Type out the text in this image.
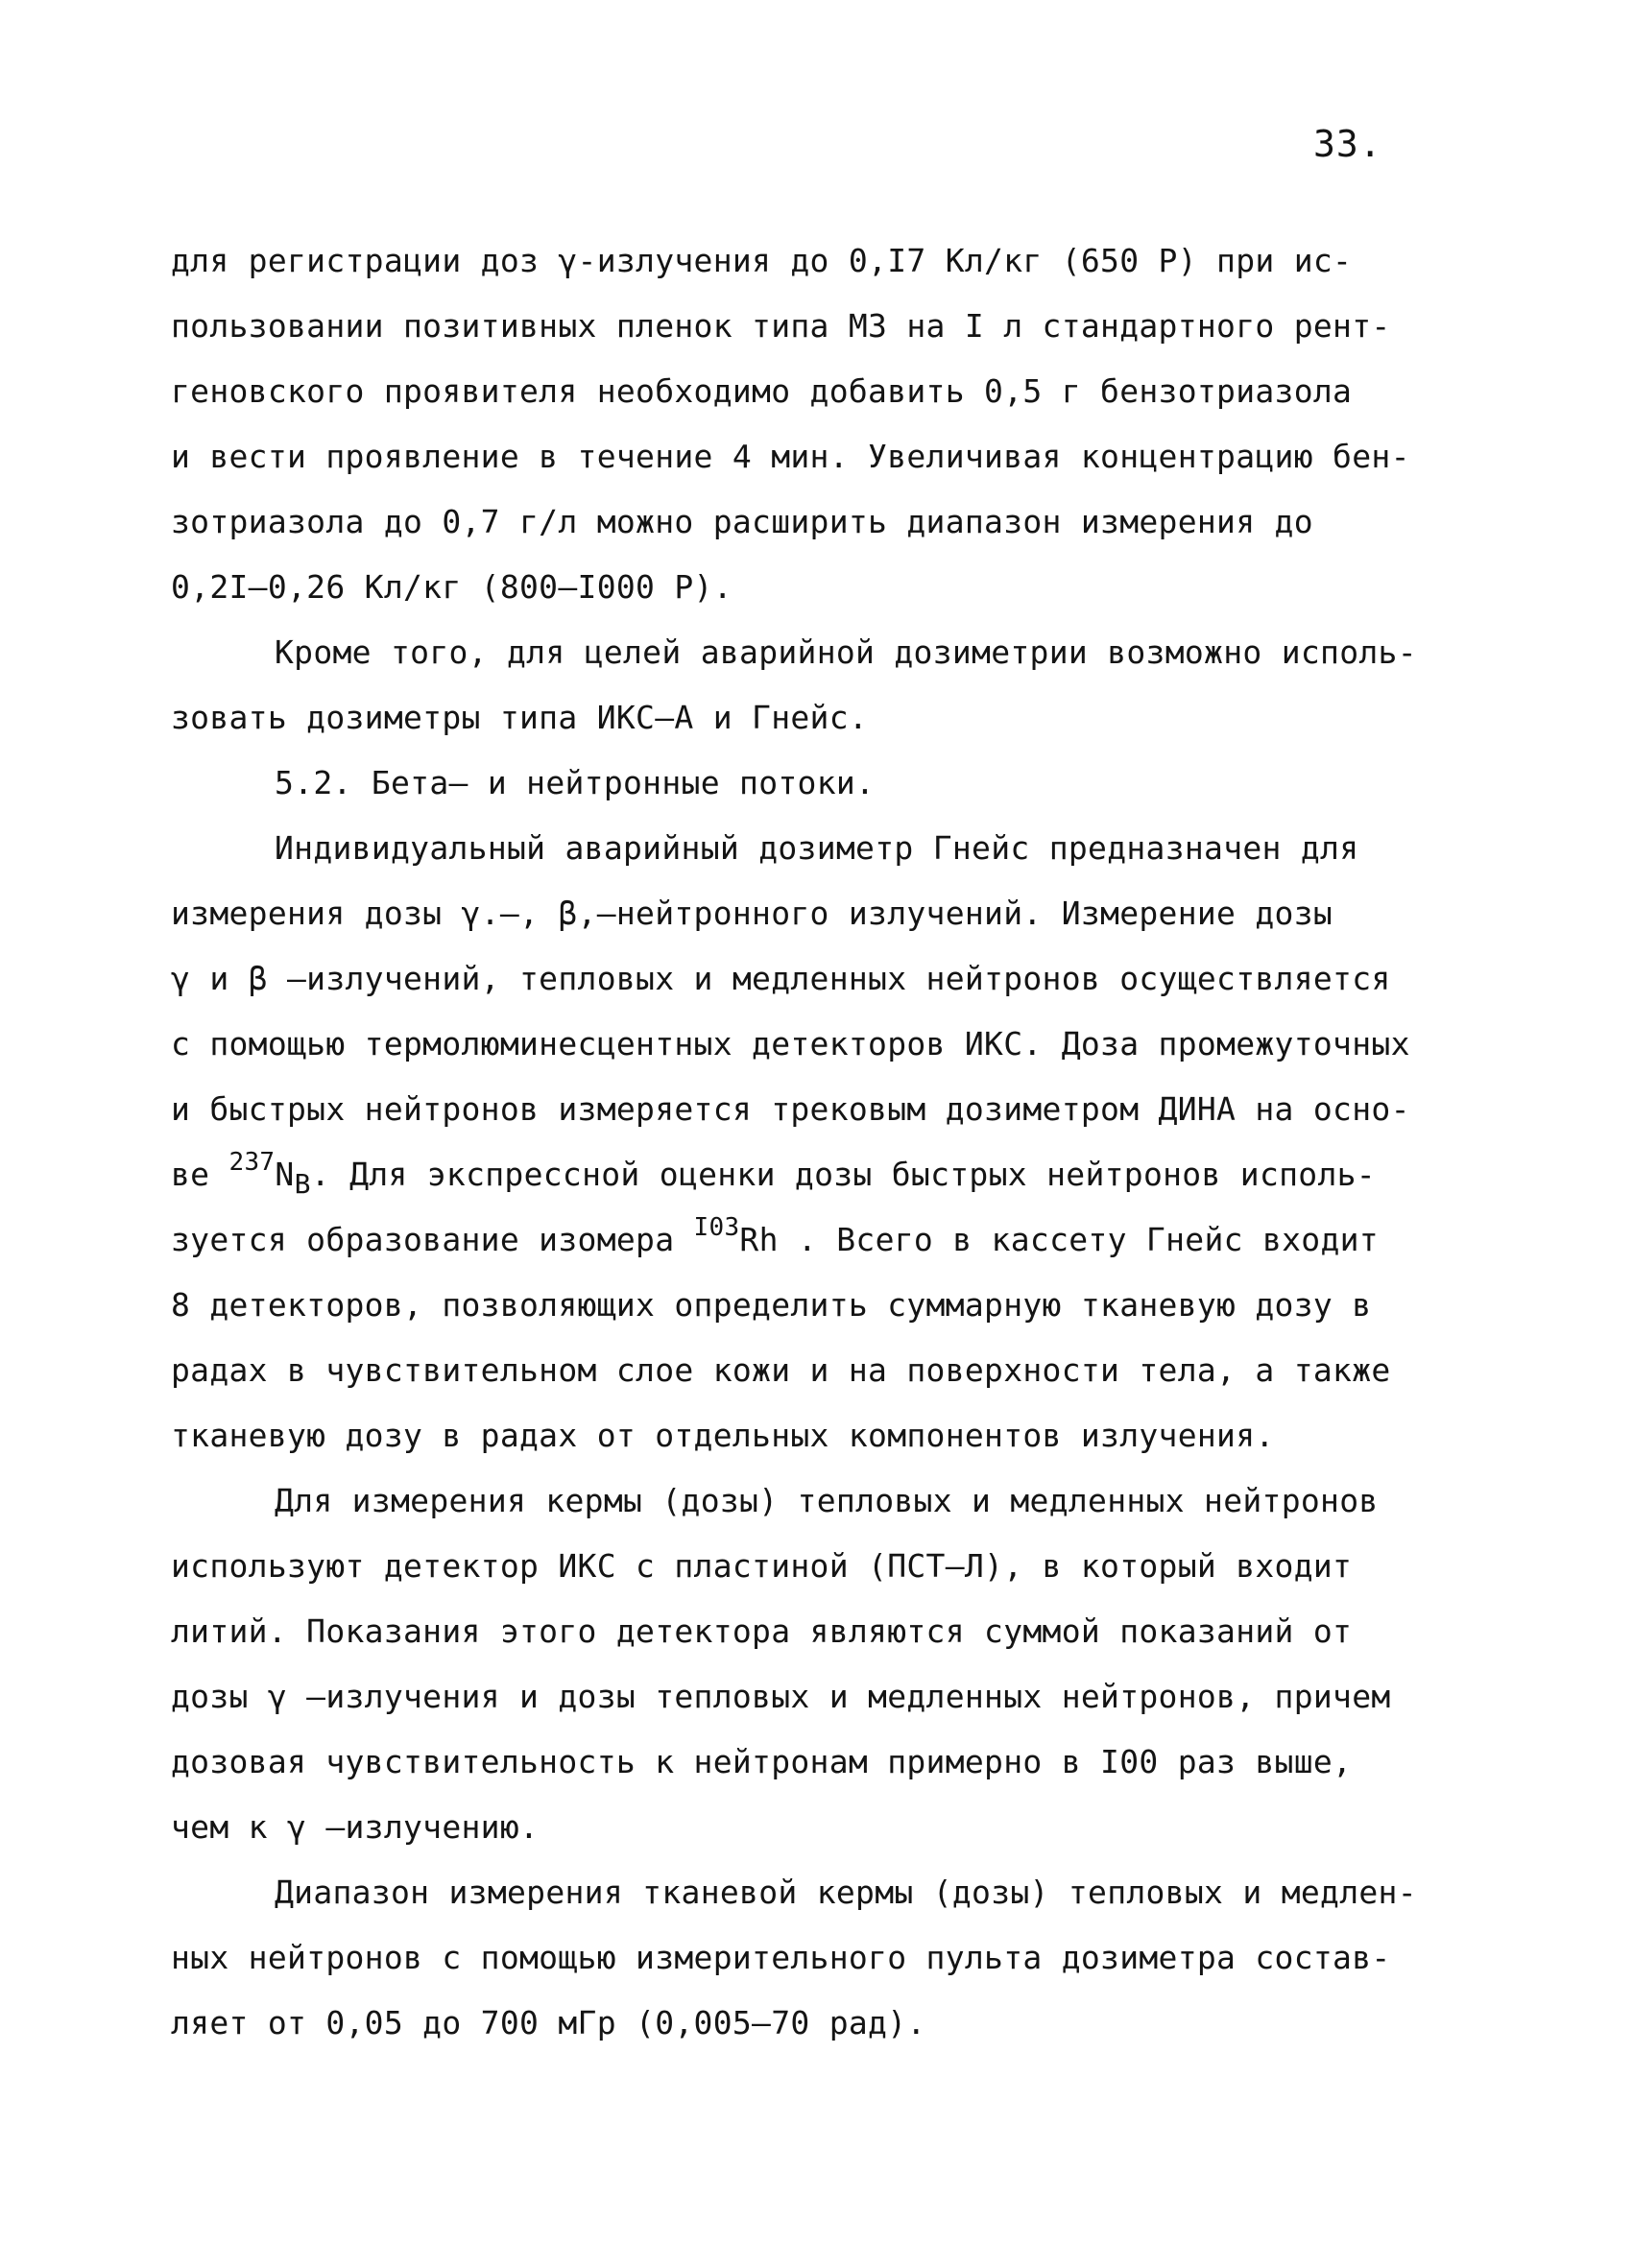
33.
для регистрации доз γ-излучения до 0,I7 Кл/кг (650 Р) при ис-
пользовании позитивных пленок типа МЗ на I л стандартного рент-
геновского проявителя необходимо добавить 0,5 г бензотриазола
и вести проявление в течение 4 мин. Увеличивая концентрацию бен-
зотриазола до 0,7 г/л можно расширить диапазон измерения до
0,2I–0,26 Кл/кг (800–I000 Р).
Кроме того, для целей аварийной дозиметрии возможно исполь-
зовать дозиметры типа ИКС–А и Гнейс.
5.2. Бета– и нейтронные потоки.
Индивидуальный аварийный дозиметр Гнейс предназначен для
измерения дозы γ.–, β,–нейтронного излучений. Измерение дозы
γ и β –излучений, тепловых и медленных нейтронов осуществляется
с помощью термолюминесцентных детекторов ИКС. Доза промежуточных
и быстрых нейтронов измеряется трековым дозиметром ДИНА на осно-
ве $^{237}N_B$. Для экспрессной оценки дозы быстрых нейтронов исполь-
зуется образование изомера $^{I03}$Rh . Всего в кассету Гнейс входит
8 детекторов, позволяющих определить суммарную тканевую дозу в
радах в чувствительном слое кожи и на поверхности тела, а также
тканевую дозу в радах от отдельных компонентов излучения.
Для измерения кермы (дозы) тепловых и медленных нейтронов
используют детектор ИКС с пластиной (ПСТ–Л), в который входит
литий. Показания этого детектора являются суммой показаний от
дозы γ –излучения и дозы тепловых и медленных нейтронов, причем
дозовая чувствительность к нейтронам примерно в I00 раз выше,
чем к γ –излучению.
Диапазон измерения тканевой кермы (дозы) тепловых и медлен-
ных нейтронов с помощью измерительного пульта дозиметра состав-
ляет от 0,05 до 700 мГр (0,005–70 рад).
